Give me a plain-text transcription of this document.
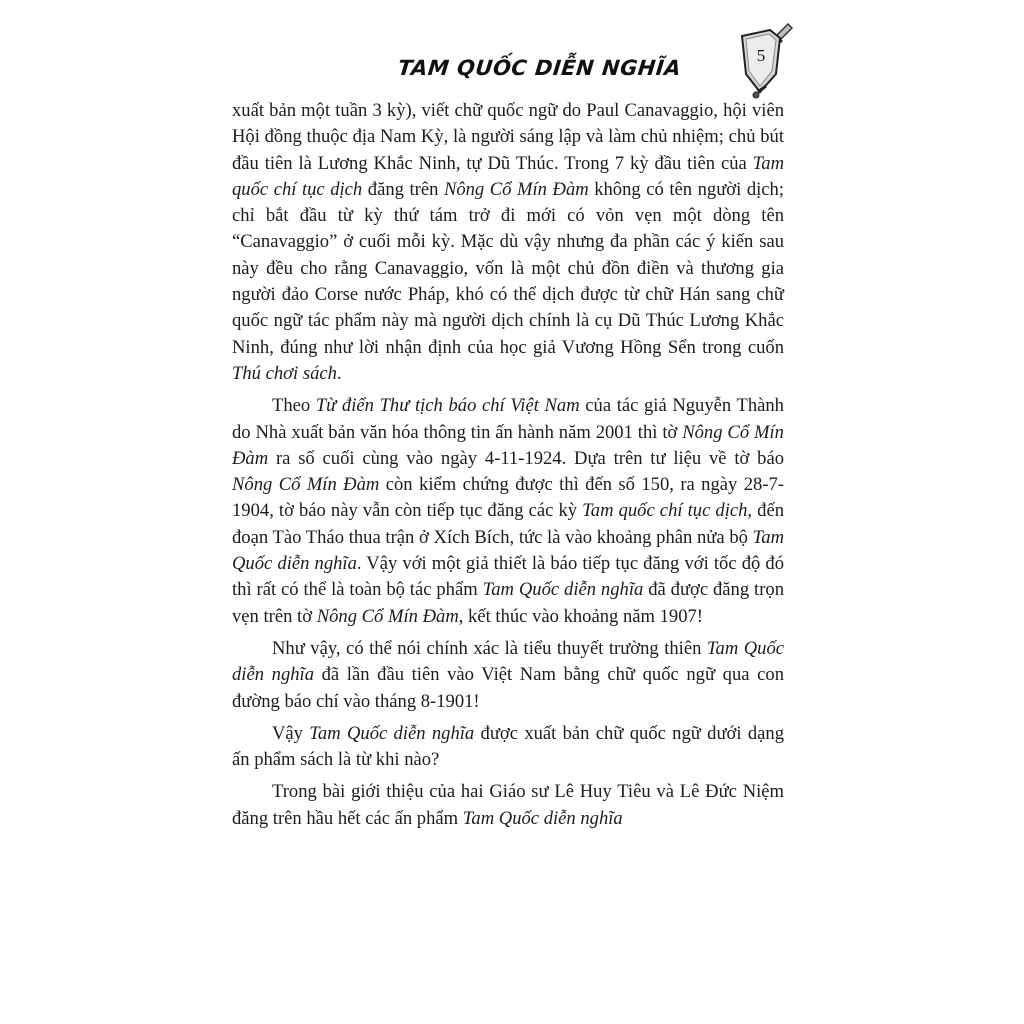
TAM QUỐC DIỄN NGHĨA
5

xuất bản một tuần 3 kỳ), viết chữ quốc ngữ do Paul Canavaggio, hội viên Hội đồng thuộc địa Nam Kỳ, là người sáng lập và làm chủ nhiệm; chủ bút đầu tiên là Lương Khắc Ninh, tự Dũ Thúc. Trong 7 kỳ đầu tiên của Tam quốc chí tục dịch đăng trên Nông Cổ Mín Đàm không có tên người dịch; chỉ bắt đầu từ kỳ thứ tám trở đi mới có vỏn vẹn một dòng tên “Canavaggio” ở cuối mỗi kỳ. Mặc dù vậy nhưng đa phần các ý kiến sau này đều cho rằng Canavaggio, vốn là một chủ đồn điền và thương gia người đảo Corse nước Pháp, khó có thể dịch được từ chữ Hán sang chữ quốc ngữ tác phẩm này mà người dịch chính là cụ Dũ Thúc Lương Khắc Ninh, đúng như lời nhận định của học giả Vương Hồng Sển trong cuốn Thú chơi sách.

Theo Từ điển Thư tịch báo chí Việt Nam của tác giả Nguyễn Thành do Nhà xuất bản văn hóa thông tin ấn hành năm 2001 thì tờ Nông Cổ Mín Đàm ra số cuối cùng vào ngày 4-11-1924. Dựa trên tư liệu về tờ báo Nông Cổ Mín Đàm còn kiểm chứng được thì đến số 150, ra ngày 28-7-1904, tờ báo này vẫn còn tiếp tục đăng các kỳ Tam quốc chí tục dịch, đến đoạn Tào Tháo thua trận ở Xích Bích, tức là vào khoảng phân nửa bộ Tam Quốc diễn nghĩa. Vậy với một giả thiết là báo tiếp tục đăng với tốc độ đó thì rất có thể là toàn bộ tác phẩm Tam Quốc diễn nghĩa đã được đăng trọn vẹn trên tờ Nông Cổ Mín Đàm, kết thúc vào khoảng năm 1907!

Như vậy, có thể nói chính xác là tiểu thuyết trường thiên Tam Quốc diễn nghĩa đã lần đầu tiên vào Việt Nam bằng chữ quốc ngữ qua con đường báo chí vào tháng 8-1901!

Vậy Tam Quốc diễn nghĩa được xuất bản chữ quốc ngữ dưới dạng ấn phẩm sách là từ khi nào?

Trong bài giới thiệu của hai Giáo sư Lê Huy Tiêu và Lê Đức Niệm đăng trên hầu hết các ấn phẩm Tam Quốc diễn nghĩa
